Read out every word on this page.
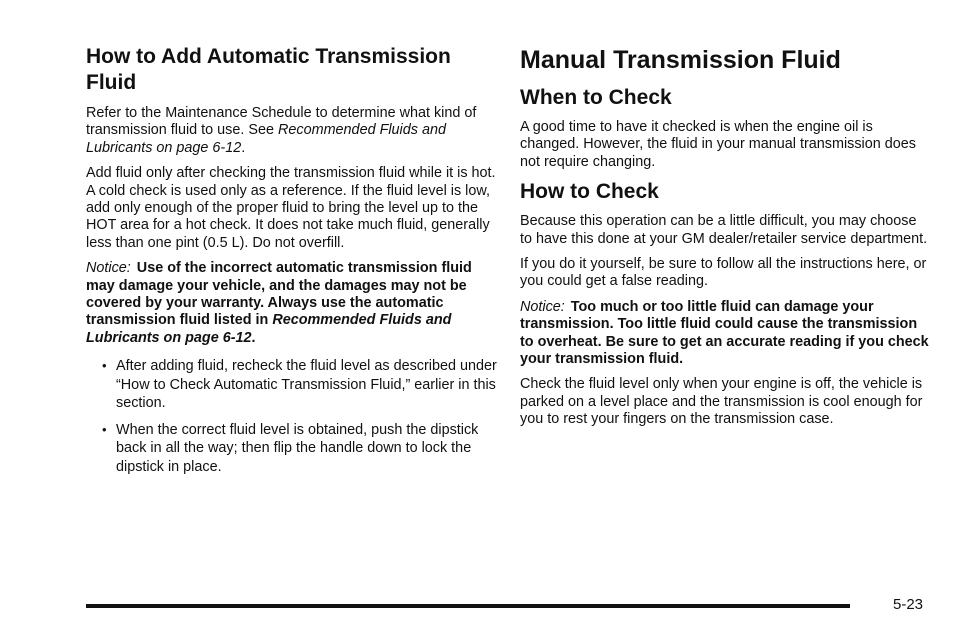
How to Add Automatic Transmission Fluid

Refer to the Maintenance Schedule to determine what kind of transmission fluid to use. See Recommended Fluids and Lubricants on page 6-12.

Add fluid only after checking the transmission fluid while it is hot. A cold check is used only as a reference. If the fluid level is low, add only enough of the proper fluid to bring the level up to the HOT area for a hot check. It does not take much fluid, generally less than one pint (0.5 L). Do not overfill.

Notice: Use of the incorrect automatic transmission fluid may damage your vehicle, and the damages may not be covered by your warranty. Always use the automatic transmission fluid listed in Recommended Fluids and Lubricants on page 6-12.

• After adding fluid, recheck the fluid level as described under “How to Check Automatic Transmission Fluid,” earlier in this section.
• When the correct fluid level is obtained, push the dipstick back in all the way; then flip the handle down to lock the dipstick in place.
Manual Transmission Fluid
When to Check

A good time to have it checked is when the engine oil is changed. However, the fluid in your manual transmission does not require changing.

How to Check

Because this operation can be a little difficult, you may choose to have this done at your GM dealer/retailer service department.

If you do it yourself, be sure to follow all the instructions here, or you could get a false reading.

Notice: Too much or too little fluid can damage your transmission. Too little fluid could cause the transmission to overheat. Be sure to get an accurate reading if you check your transmission fluid.

Check the fluid level only when your engine is off, the vehicle is parked on a level place and the transmission is cool enough for you to rest your fingers on the transmission case.

5-23
